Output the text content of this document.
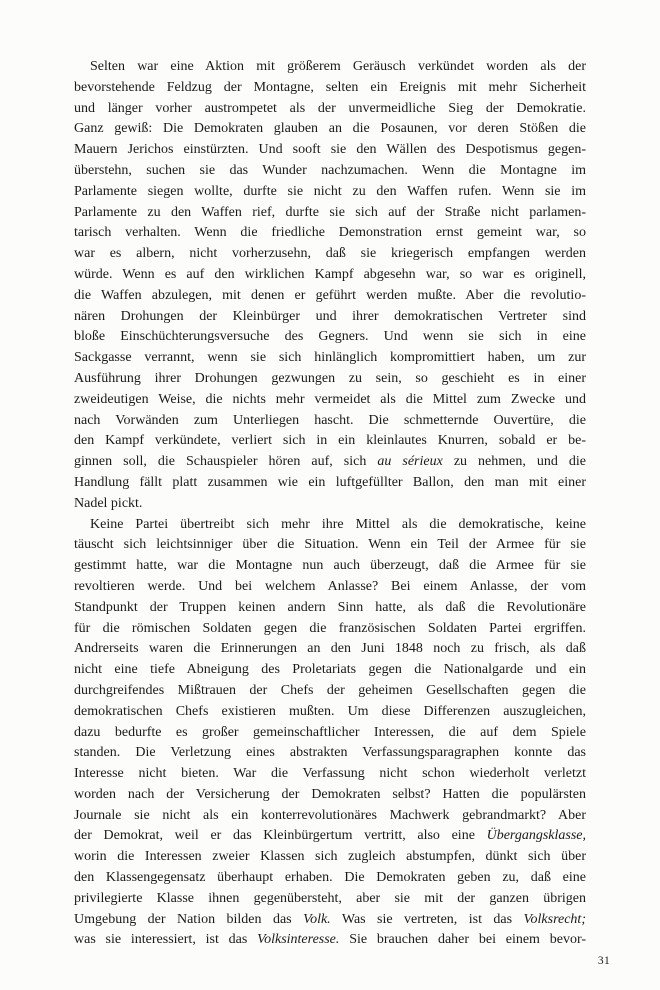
Selten war eine Aktion mit größerem Geräusch verkündet worden als der
bevorstehende Feldzug der Montagne, selten ein Ereignis mit mehr Sicherheit
und länger vorher austrompetet als der unvermeidliche Sieg der Demokratie.
Ganz gewiß: Die Demokraten glauben an die Posaunen, vor deren Stößen die
Mauern Jerichos einstürzten. Und sooft sie den Wällen des Despotismus gegen-
überstehn, suchen sie das Wunder nachzumachen. Wenn die Montagne im
Parlamente siegen wollte, durfte sie nicht zu den Waffen rufen. Wenn sie im
Parlamente zu den Waffen rief, durfte sie sich auf der Straße nicht parlamen-
tarisch verhalten. Wenn die friedliche Demonstration ernst gemeint war, so
war es albern, nicht vorherzusehn, daß sie kriegerisch empfangen werden
würde. Wenn es auf den wirklichen Kampf abgesehn war, so war es originell,
die Waffen abzulegen, mit denen er geführt werden mußte. Aber die revolutio-
nären Drohungen der Kleinbürger und ihrer demokratischen Vertreter sind
bloße Einschüchterungsversuche des Gegners. Und wenn sie sich in eine
Sackgasse verrannt, wenn sie sich hinlänglich kompromittiert haben, um zur
Ausführung ihrer Drohungen gezwungen zu sein, so geschieht es in einer
zweideutigen Weise, die nichts mehr vermeidet als die Mittel zum Zwecke und
nach Vorwänden zum Unterliegen hascht. Die schmetternde Ouvertüre, die
den Kampf verkündete, verliert sich in ein kleinlautes Knurren, sobald er be-
ginnen soll, die Schauspieler hören auf, sich au sérieux zu nehmen, und die
Handlung fällt platt zusammen wie ein luftgefüllter Ballon, den man mit einer
Nadel pickt.
Keine Partei übertreibt sich mehr ihre Mittel als die demokratische, keine
täuscht sich leichtsinniger über die Situation. Wenn ein Teil der Armee für sie
gestimmt hatte, war die Montagne nun auch überzeugt, daß die Armee für sie
revoltieren werde. Und bei welchem Anlasse? Bei einem Anlasse, der vom
Standpunkt der Truppen keinen andern Sinn hatte, als daß die Revolutionäre
für die römischen Soldaten gegen die französischen Soldaten Partei ergriffen.
Andrerseits waren die Erinnerungen an den Juni 1848 noch zu frisch, als daß
nicht eine tiefe Abneigung des Proletariats gegen die Nationalgarde und ein
durchgreifendes Mißtrauen der Chefs der geheimen Gesellschaften gegen die
demokratischen Chefs existieren mußten. Um diese Differenzen auszugleichen,
dazu bedurfte es großer gemeinschaftlicher Interessen, die auf dem Spiele
standen. Die Verletzung eines abstrakten Verfassungsparagraphen konnte das
Interesse nicht bieten. War die Verfassung nicht schon wiederholt verletzt
worden nach der Versicherung der Demokraten selbst? Hatten die populärsten
Journale sie nicht als ein konterrevolutionäres Machwerk gebrandmarkt? Aber
der Demokrat, weil er das Kleinbürgertum vertritt, also eine Übergangsklasse,
worin die Interessen zweier Klassen sich zugleich abstumpfen, dünkt sich über
den Klassengegensatz überhaupt erhaben. Die Demokraten geben zu, daß eine
privilegierte Klasse ihnen gegenübersteht, aber sie mit der ganzen übrigen
Umgebung der Nation bilden das Volk. Was sie vertreten, ist das Volksrecht;
was sie interessiert, ist das Volksinteresse. Sie brauchen daher bei einem bevor-
31
